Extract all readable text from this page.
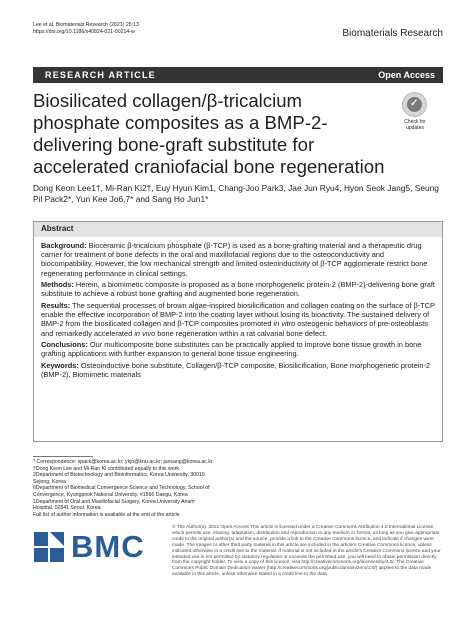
Lee et al. Biomaterials Research (2021) 25:13
https://doi.org/10.1186/s40824-021-00214-w	Biomaterials Research
RESEARCH ARTICLE	Open Access
Biosilicated collagen/β-tricalcium phosphate composites as a BMP-2-delivering bone-graft substitute for accelerated craniofacial bone regeneration
✓
Check for updates
Dong Keon Lee1†, Mi-Ran Ki2†, Euy Hyun Kim1, Chang-Joo Park3, Jae Jun Ryu4, Hyon Seok Jang5, Seung Pil Pack2*, Yun Kee Jo6,7* and Sang Ho Jun1*
Abstract

Background: Bioceramic β-tricalcium phosphate (β-TCP) is used as a bone-grafting material and a therapeutic drug carrier for treatment of bone defects in the oral and maxillofacial regions due to the osteoconductivity and biocompatibility. However, the low mechanical strength and limited osteoinductivity of β-TCP agglomerate restrict bone regenerating performance in clinical settings.

Methods: Herein, a biomimetic composite is proposed as a bone morphogenetic protein-2 (BMP-2)-delivering bone graft substitute to achieve a robust bone grafting and augmented bone regeneration.

Results: The sequential processes of brown algae-inspired biosilicification and collagen coating on the surface of β-TCP enable the effective incorporation of BMP-2 into the coating layer without losing its bioactivity. The sustained delivery of BMP-2 from the biosilicated collagen and β-TCP composites promoted in vitro osteogenic behaviors of pre-osteoblasts and remarkedly accelerated in vivo bone regeneration within a rat calvarial bone defect.

Conclusions: Our multicomposite bone substitutes can be practically applied to improve bone tissue growth in bone grafting applications with further expansion to general bone tissue engineering.

Keywords: Osteoinductive bone substitute, Collagen/β-TCP composite, Biosilicification, Bone morphogenetic protein-2 (BMP-2), Biomimetic materials

* Correspondence: spack@korea.ac.kr; ykjo@knu.ac.kr; junsang@korea.ac.kr
†Dong Keon Lee and Mi-Ran Ki contributed equally to this work.
2Department of Biotechnology and Bioinformatics, Korea University, 30019 Sejong, Korea
6Department of Biomedical Convergence Science and Technology, School of Convergence, Kyungpook National University, #1566 Daegu, Korea
1Department of Oral and Maxillofacial Surgery, Korea University Anam Hospital, 02841 Seoul, Korea
Full list of author information is available at the end of the article
BMC
© The Author(s). 2021 Open Access This article is licensed under a Creative Commons Attribution 4.0 International License, which permits use, sharing, adaptation, distribution and reproduction in any medium or format, as long as you give appropriate credit to the original author(s) and the source, provide a link to the Creative Commons licence, and indicate if changes were made. The images or other third party material in this article are included in the article's Creative Commons licence, unless indicated otherwise in a credit line to the material. If material is not included in the article's Creative Commons licence and your intended use is not permitted by statutory regulation or exceeds the permitted use, you will need to obtain permission directly from the copyright holder. To view a copy of this licence, visit http://creativecommons.org/licenses/by/4.0/. The Creative Commons Public Domain Dedication waiver (http://creativecommons.org/publicdomain/zero/1.0/) applies to the data made available in this article, unless otherwise stated in a credit line to the data.
